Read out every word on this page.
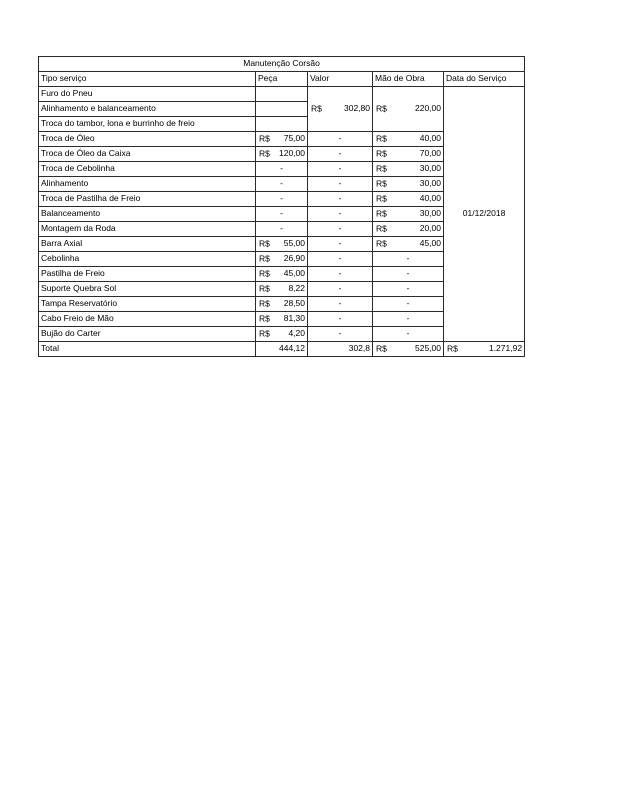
Manutenção Corsão				
Tipo serviço	Peça	Valor	Mão de Obra	Data do Serviço
Furo do Pneu		R$ 302,80	R$ 220,00	01/12/2018
Alinhamento e balanceamento				
Troca do tambor, lona e burrinho de freio				
Troca de Óleo	R$ 75,00	-	R$ 40,00	
Troca de Óleo da Caixa	R$ 120,00	-	R$ 70,00	
Troca de Cebolinha	-	-	R$ 30,00	
Alinhamento	-	-	R$ 30,00	
Troca de Pastilha de Freio	-	-	R$ 40,00	
Balanceamento	-	-	R$ 30,00	
Montagem da Roda	-	-	R$ 20,00	
Barra Axial	R$ 55,00	-	R$ 45,00	
Cebolinha	R$ 26,90	-	-	
Pastilha de Freio	R$ 45,00	-	-	
Suporte Quebra Sol	R$ 8,22	-	-	
Tampa Reservatório	R$ 28,50	-	-	
Cabo Freio de Mão	R$ 81,30	-	-	
Bujão do Carter	R$ 4,20	-	-	
Total	444,12	302,8	R$ 525,00	R$ 1.271,92
